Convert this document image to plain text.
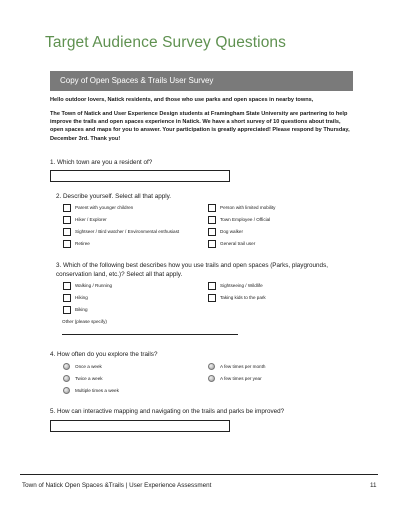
Target Audience Survey Questions
Copy of Open Spaces & Trails User Survey

Hello outdoor lovers, Natick residents, and those who use parks and open spaces in nearby towns,

The Town of Natick and User Experience Design students at Framingham State University are partnering to help improve the trails and open spaces experience in Natick. We have a short survey of 10 questions about trails, open spaces and maps for you to answer. Your participation is greatly appreciated! Please respond by Thursday, December 3rd. Thank you!

1. Which town are you a resident of?
2. Describe yourself. Select all that apply.
Parent with younger children
Hiker / Explorer
Sightseer / Bird watcher / Environmental enthusiast
Retiree
Person with limited mobility
Town Employee / Official
Dog walker
General trail user
3. Which of the following best describes how you use trails and open spaces (Parks, playgrounds,
conservation land, etc.)? Select all that apply.
Walking / Running
Hiking
Biking
Sightseeing / Wildlife
Taking kids to the park
Other (please specify)
4. How often do you explore the trails?
Once a week
Twice a week
Multiple times a week
A few times per month
A few times per year
5. How can interactive mapping and navigating on the trails and parks be improved?
Town of Natick Open Spaces &Trails | User Experience Assessment	11
